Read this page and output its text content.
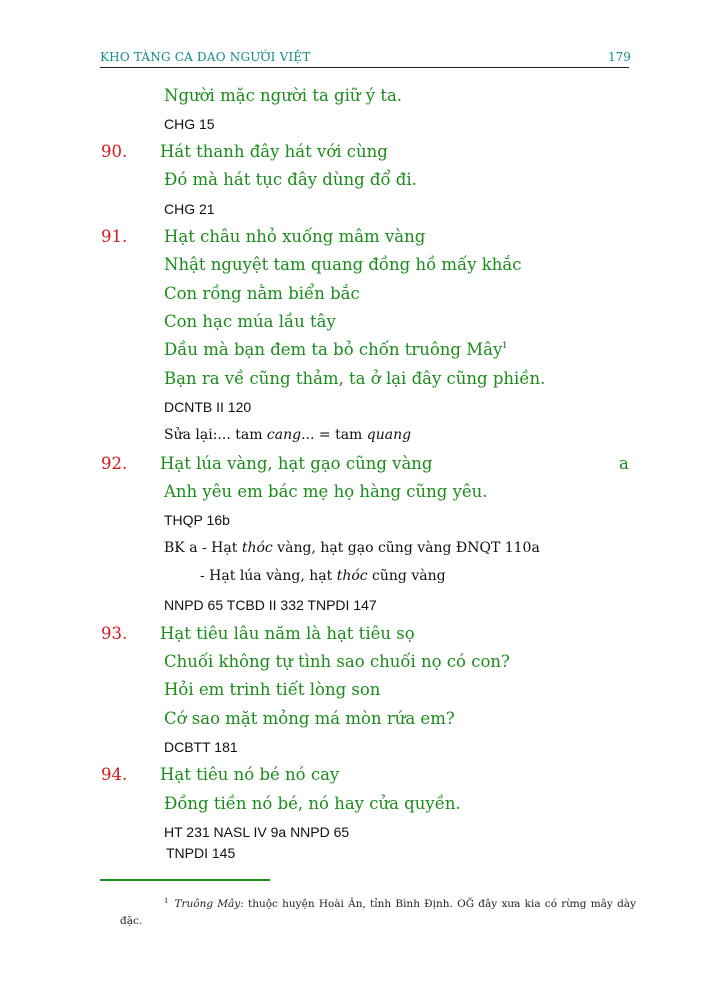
KHO TÀNG CA DAO NGƯỜI VIỆT	179
Người mặc người ta giữ ý ta.
CHG 15
90. Hát thanh đây hát với cùng
Đó mà hát tục đây dùng đổ đi.
CHG 21
91. Hạt châu nhỏ xuống mâm vàng
Nhật nguyệt tam quang đồng hồ mấy khắc
Con rồng nằm biển bắc
Con hạc múa lầu tây
Dầu mà bạn đem ta bỏ chốn truông Mây$^1$
Bạn ra về cũng thảm, ta ở lại đây cũng phiền.
DCNTB II 120
Sửa lại:... tam cang... = tam quang
92. Hạt lúa vàng, hạt gạo cũng vàng	a
Anh yêu em bác mẹ họ hàng cũng yêu.
THQP 16b
BK a - Hạt thóc vàng, hạt gạo cũng vàng ĐNQT 110a
- Hạt lúa vàng, hạt thóc cũng vàng
NNPD 65 TCBD II 332 TNPDI 147
93. Hạt tiêu lâu năm là hạt tiêu sọ
Chuối không tự tình sao chuối nọ có con?
Hỏi em trinh tiết lòng son
Cớ sao mặt mỏng má mòn rứa em?
DCBTT 181
94. Hạt tiêu nó bé nó cay
Đồng tiền nó bé, nó hay cửa quyền.
HT 231 NASL IV 9a NNPD 65
TNPDI 145
$^1$ Truông Mây: thuộc huyện Hoài Ân, tỉnh Bình Định. OĞ đây xưa kia có rừng mây dày đặc.
